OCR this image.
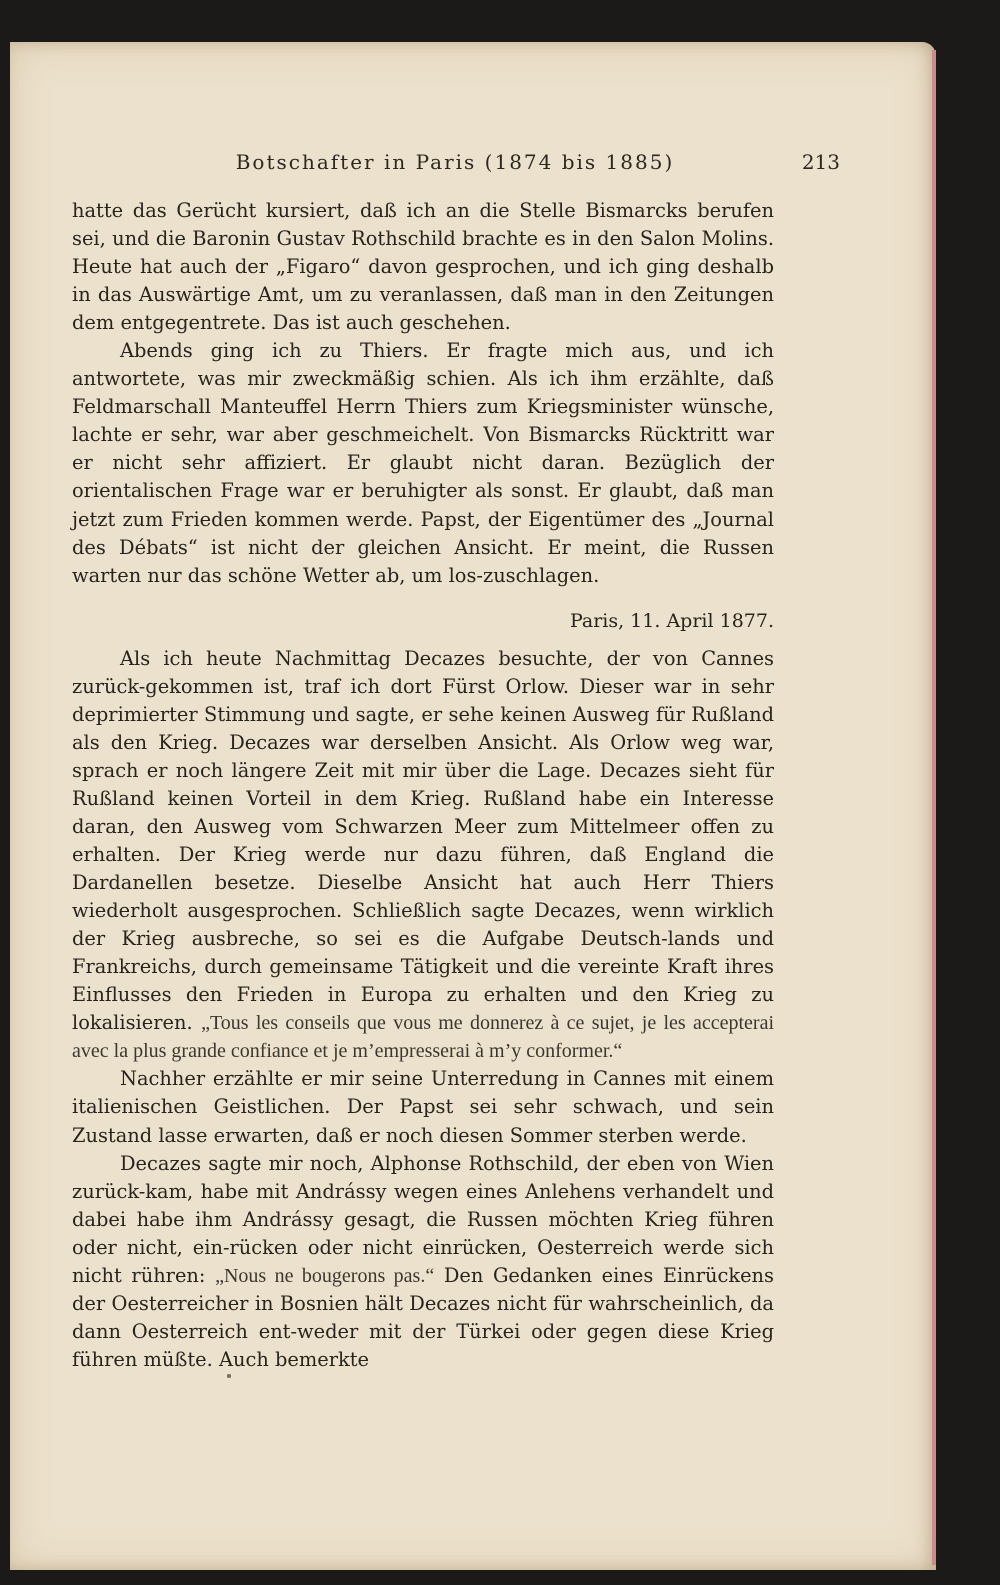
Botschafter in Paris (1874 bis 1885)	213

hatte das Gerücht kursiert, daß ich an die Stelle Bismarcks berufen sei, und die Baronin Gustav Rothschild brachte es in den Salon Molins. Heute hat auch der „Figaro“ davon gesprochen, und ich ging deshalb in das Auswärtige Amt, um zu veranlassen, daß man in den Zeitungen dem entgegentrete. Das ist auch geschehen.

Abends ging ich zu Thiers. Er fragte mich aus, und ich antwortete, was mir zweckmäßig schien. Als ich ihm erzählte, daß Feldmarschall Manteuffel Herrn Thiers zum Kriegsminister wünsche, lachte er sehr, war aber geschmeichelt. Von Bismarcks Rücktritt war er nicht sehr affiziert. Er glaubt nicht daran. Bezüglich der orientalischen Frage war er beruhigter als sonst. Er glaubt, daß man jetzt zum Frieden kommen werde. Papst, der Eigentümer des „Journal des Débats“ ist nicht der gleichen Ansicht. Er meint, die Russen warten nur das schöne Wetter ab, um los-zuschlagen.

Paris, 11. April 1877.

Als ich heute Nachmittag Decazes besuchte, der von Cannes zurück-gekommen ist, traf ich dort Fürst Orlow. Dieser war in sehr deprimierter Stimmung und sagte, er sehe keinen Ausweg für Rußland als den Krieg. Decazes war derselben Ansicht. Als Orlow weg war, sprach er noch längere Zeit mit mir über die Lage. Decazes sieht für Rußland keinen Vorteil in dem Krieg. Rußland habe ein Interesse daran, den Ausweg vom Schwarzen Meer zum Mittelmeer offen zu erhalten. Der Krieg werde nur dazu führen, daß England die Dardanellen besetze. Dieselbe Ansicht hat auch Herr Thiers wiederholt ausgesprochen. Schließlich sagte Decazes, wenn wirklich der Krieg ausbreche, so sei es die Aufgabe Deutsch-lands und Frankreichs, durch gemeinsame Tätigkeit und die vereinte Kraft ihres Einflusses den Frieden in Europa zu erhalten und den Krieg zu lokalisieren. „Tous les conseils que vous me donnerez à ce sujet, je les accepterai avec la plus grande confiance et je m’empresserai à m’y conformer.“

Nachher erzählte er mir seine Unterredung in Cannes mit einem italienischen Geistlichen. Der Papst sei sehr schwach, und sein Zustand lasse erwarten, daß er noch diesen Sommer sterben werde.

Decazes sagte mir noch, Alphonse Rothschild, der eben von Wien zurück-kam, habe mit Andrássy wegen eines Anlehens verhandelt und dabei habe ihm Andrássy gesagt, die Russen möchten Krieg führen oder nicht, ein-rücken oder nicht einrücken, Oesterreich werde sich nicht rühren: „Nous ne bougerons pas.“ Den Gedanken eines Einrückens der Oesterreicher in Bosnien hält Decazes nicht für wahrscheinlich, da dann Oesterreich ent-weder mit der Türkei oder gegen diese Krieg führen müßte. Auch bemerkte
